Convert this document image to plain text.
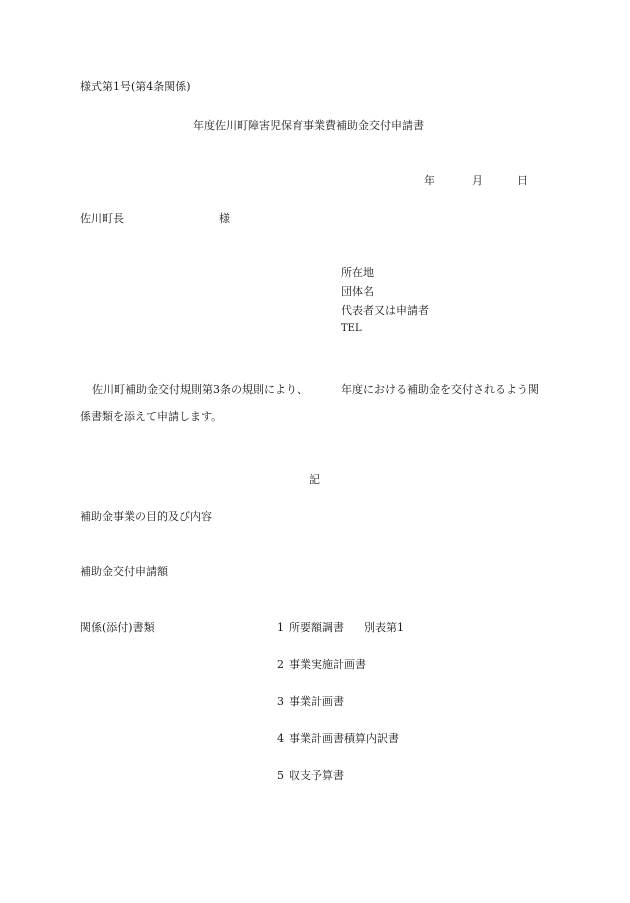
様式第1号(第4条関係)
年度佐川町障害児保育事業費補助金交付申請書
年	月	日
佐川町長	様
所在地
団体名
代表者又は申請者
TEL
佐川町補助金交付規則第3条の規則により、	年度における補助金を交付されるよう関
係書類を添えて申請します。
記
補助金事業の目的及び内容
補助金交付申請額
関係(添付)書類	1 所要額調書 別表第1
2 事業実施計画書
3 事業計画書
4 事業計画書積算内訳書
5 収支予算書
